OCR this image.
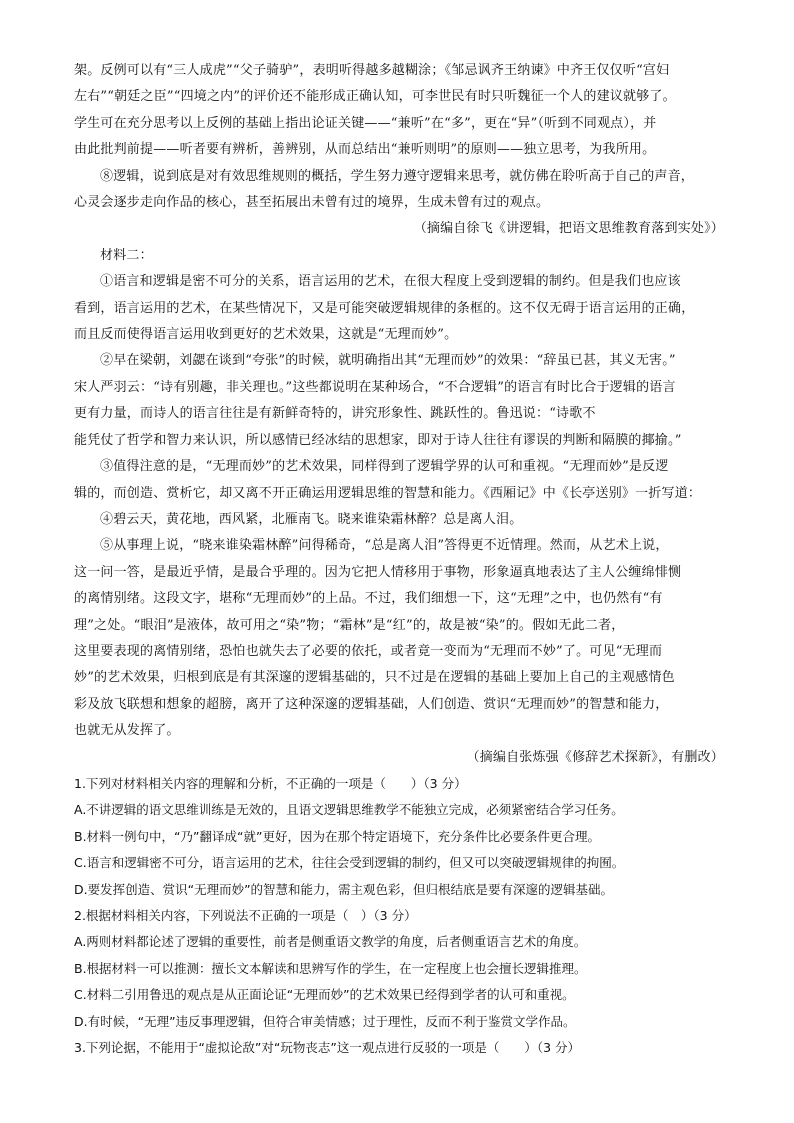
架。反例可以有“三人成虎”“父子骑驴”，表明听得越多越糊涂；《邹忌讽齐王纳谏》中齐王仅仅听“宫妇
左右”“朝廷之臣”“四境之内”的评价还不能形成正确认知，可李世民有时只听魏征一个人的建议就够了。
学生可在充分思考以上反例的基础上指出论证关键——“兼听”在“多”，更在“异”（听到不同观点），并
由此批判前提——听者要有辨析，善辨别，从而总结出“兼听则明”的原则——独立思考，为我所用。
⑧逻辑，说到底是对有效思维规则的概括，学生努力遵守逻辑来思考，就仿佛在聆听高于自己的声音，
心灵会逐步走向作品的核心，甚至拓展出未曾有过的境界，生成未曾有过的观点。
（摘编自徐飞《讲逻辑，把语文思维教育落到实处》）
材料二：
①语言和逻辑是密不可分的关系，语言运用的艺术，在很大程度上受到逻辑的制约。但是我们也应该
看到，语言运用的艺术，在某些情况下，又是可能突破逻辑规律的条框的。这不仅无碍于语言运用的正确，
而且反而使得语言运用收到更好的艺术效果，这就是“无理而妙”。
②早在梁朝，刘勰在谈到“夸张”的时候，就明确指出其“无理而妙”的效果：“辞虽已甚，其义无害。”
宋人严羽云：“诗有别趣，非关理也。”这些都说明在某种场合，“不合逻辑”的语言有时比合于逻辑的语言
更有力量，而诗人的语言往往是有新鲜奇特的，讲究形象性、跳跃性的。鲁迅说：“诗歌不
能凭仗了哲学和智力来认识，所以感情已经冰结的思想家，即对于诗人往往有谬误的判断和隔膜的揶揄。”
③值得注意的是，“无理而妙”的艺术效果，同样得到了逻辑学界的认可和重视。“无理而妙”是反逻
辑的，而创造、赏析它，却又离不开正确运用逻辑思维的智慧和能力。《西厢记》中《长亭送别》一折写道：
④碧云天，黄花地，西风紧，北雁南飞。晓来谁染霜林醉？总是离人泪。
⑤从事理上说，“晓来谁染霜林醉”问得稀奇，“总是离人泪”答得更不近情理。然而，从艺术上说，
这一问一答，是最近乎情，是最合乎理的。因为它把人情移用于事物，形象逼真地表达了主人公缠绵悱恻
的离情别绪。这段文字，堪称“无理而妙”的上品。不过，我们细想一下，这“无理”之中，也仍然有“有
理”之处。“眼泪”是液体，故可用之“染”物；“霜林”是“红”的，故是被“染”的。假如无此二者，
这里要表现的离情别绪，恐怕也就失去了必要的依托，或者竟一变而为“无理而不妙”了。可见“无理而
妙”的艺术效果，归根到底是有其深邃的逻辑基础的，只不过是在逻辑的基础上要加上自己的主观感情色
彩及放飞联想和想象的超膀，离开了这种深邃的逻辑基础，人们创造、赏识“无理而妙”的智慧和能力，
也就无从发挥了。
（摘编自张炼强《修辞艺术探新》，有删改）
1.下列对材料相关内容的理解和分析，不正确的一项是（　　）（3 分）
A.不讲逻辑的语文思维训练是无效的，且语文逻辑思维教学不能独立完成，必须紧密结合学习任务。
B.材料一例句中，“乃”翻译成“就”更好，因为在那个特定语境下，充分条件比必要条件更合理。
C.语言和逻辑密不可分，语言运用的艺术，往往会受到逻辑的制约，但又可以突破逻辑规律的拘囿。
D.要发挥创造、赏识“无理而妙”的智慧和能力，需主观色彩，但归根结底是要有深邃的逻辑基础。
2.根据材料相关内容，下列说法不正确的一项是（　）（3 分）
A.两则材料都论述了逻辑的重要性，前者是侧重语文教学的角度，后者侧重语言艺术的角度。
B.根据材料一可以推测：擅长文本解读和思辨写作的学生，在一定程度上也会擅长逻辑推理。
C.材料二引用鲁迅的观点是从正面论证“无理而妙”的艺术效果已经得到学者的认可和重视。
D.有时候，“无理”违反事理逻辑，但符合审美情感；过于理性，反而不利于鉴赏文学作品。
3.下列论据，不能用于“虚拟论敌”对“玩物丧志”这一观点进行反驳的一项是（　　）（3 分）
